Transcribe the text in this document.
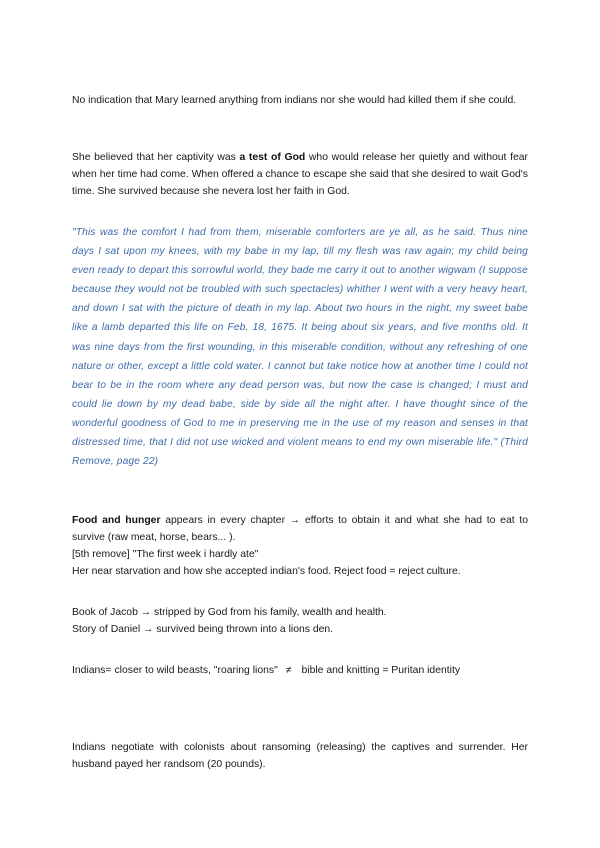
No indication that Mary learned anything from indians nor she would had killed them if she could.

She believed that her captivity was a test of God who would release her quietly and without fear when her time had come. When offered a chance to escape she said that she desired to wait God's time. She survived because she nevera lost her faith in God.

"This was the comfort I had from them, miserable comforters are ye all, as he said. Thus nine days I sat upon my knees, with my babe in my lap, till my flesh was raw again; my child being even ready to depart this sorrowful world, they bade me carry it out to another wigwam (I suppose because they would not be troubled with such spectacles) whither I went with a very heavy heart, and down I sat with the picture of death in my lap. About two hours in the night, my sweet babe like a lamb departed this life on Feb. 18, 1675. It being about six years, and five months old. It was nine days from the first wounding, in this miserable condition, without any refreshing of one nature or other, except a little cold water. I cannot but take notice how at another time I could not bear to be in the room where any dead person was, but now the case is changed; I must and could lie down by my dead babe, side by side all the night after. I have thought since of the wonderful goodness of God to me in preserving me in the use of my reason and senses in that distressed time, that I did not use wicked and violent means to end my own miserable life." (Third Remove, page 22)

Food and hunger appears in every chapter → efforts to obtain it and what she had to eat to survive (raw meat, horse, bears... ).

[5th remove] "The first week i hardly ate"

Her near starvation and how she accepted indian's food. Reject food = reject culture.

Book of Jacob → stripped by God from his family, wealth and health.

Story of Daniel → survived being thrown into a lions den.

Indians= closer to wild beasts, "roaring lions" ≠ bible and knitting = Puritan identity

Indians negotiate with colonists about ransoming (releasing) the captives and surrender. Her husband payed her randsom (20 pounds).
